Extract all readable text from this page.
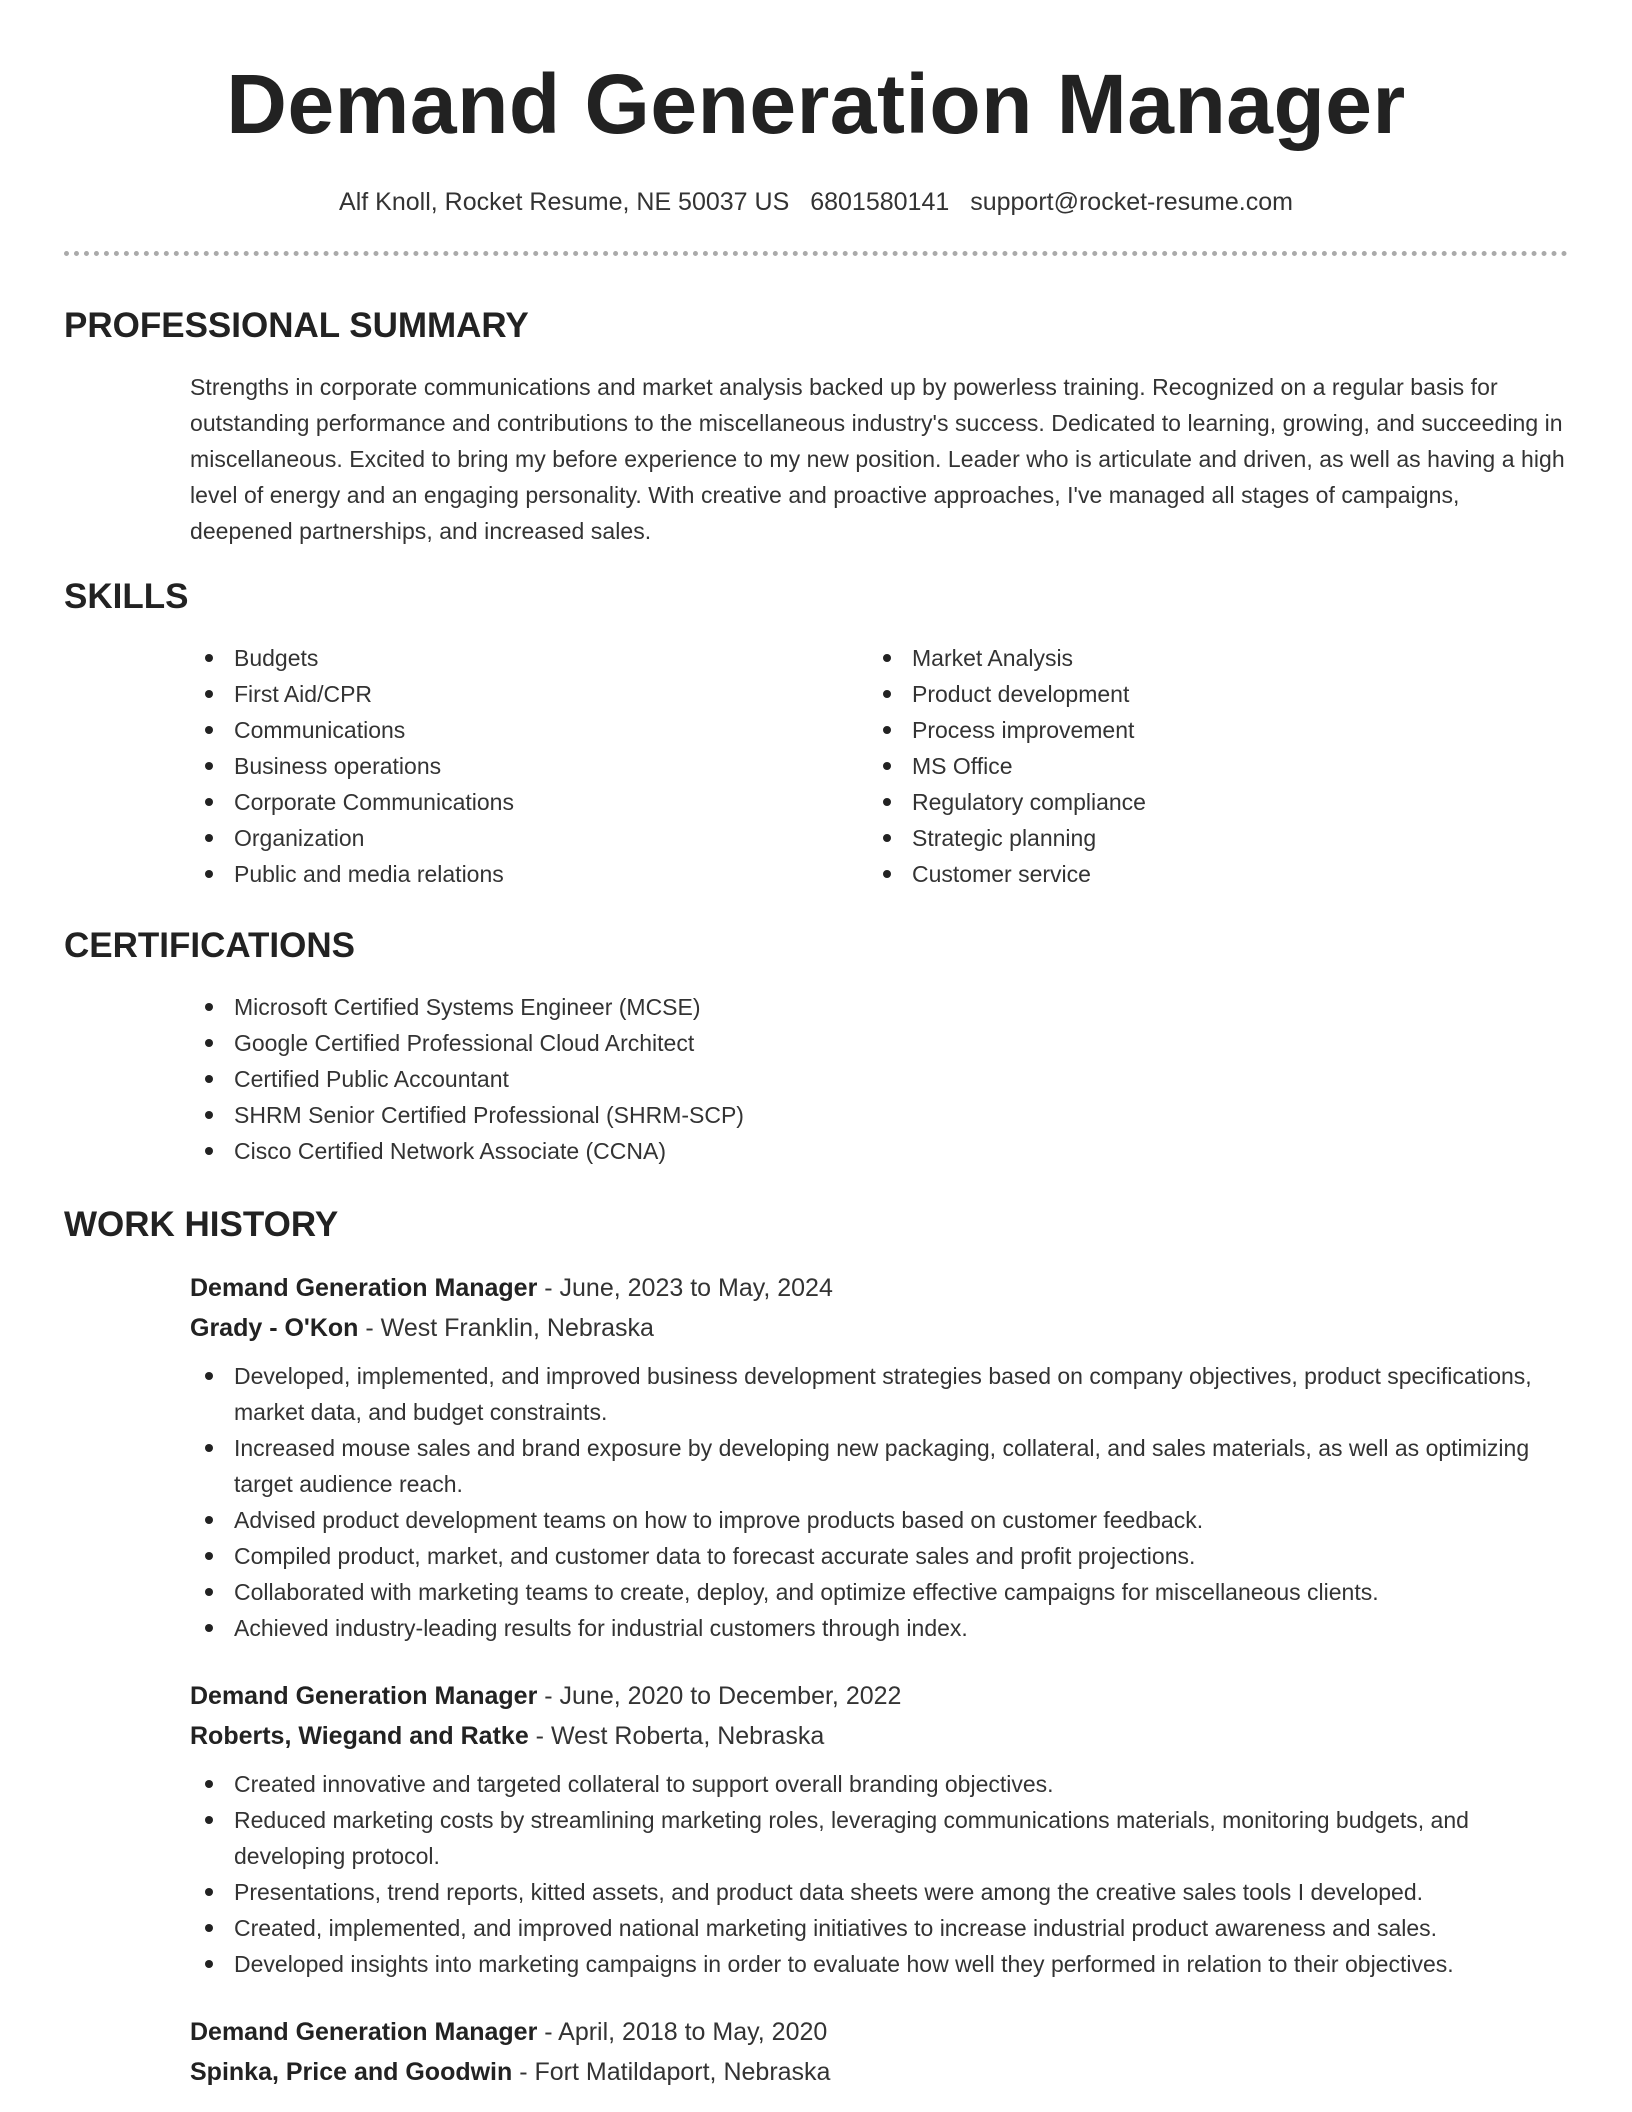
Demand Generation Manager
Alf Knoll, Rocket Resume, NE 50037 US 6801580141 support@rocket-resume.com
PROFESSIONAL SUMMARY

Strengths in corporate communications and market analysis backed up by powerless training. Recognized on a regular basis for outstanding performance and contributions to the miscellaneous industry's success. Dedicated to learning, growing, and succeeding in miscellaneous. Excited to bring my before experience to my new position. Leader who is articulate and driven, as well as having a high level of energy and an engaging personality. With creative and proactive approaches, I've managed all stages of campaigns, deepened partnerships, and increased sales.

SKILLS
Budgets
First Aid/CPR
Communications
Business operations
Corporate Communications
Organization
Public and media relations
Market Analysis
Product development
Process improvement
MS Office
Regulatory compliance
Strategic planning
Customer service
CERTIFICATIONS
Microsoft Certified Systems Engineer (MCSE)
Google Certified Professional Cloud Architect
Certified Public Accountant
SHRM Senior Certified Professional (SHRM-SCP)
Cisco Certified Network Associate (CCNA)
WORK HISTORY
Demand Generation Manager - June, 2023 to May, 2024
Grady - O'Kon - West Franklin, Nebraska
Developed, implemented, and improved business development strategies based on company objectives, product specifications, market data, and budget constraints.
Increased mouse sales and brand exposure by developing new packaging, collateral, and sales materials, as well as optimizing target audience reach.
Advised product development teams on how to improve products based on customer feedback.
Compiled product, market, and customer data to forecast accurate sales and profit projections.
Collaborated with marketing teams to create, deploy, and optimize effective campaigns for miscellaneous clients.
Achieved industry-leading results for industrial customers through index.
Demand Generation Manager - June, 2020 to December, 2022
Roberts, Wiegand and Ratke - West Roberta, Nebraska
Created innovative and targeted collateral to support overall branding objectives.
Reduced marketing costs by streamlining marketing roles, leveraging communications materials, monitoring budgets, and developing protocol.
Presentations, trend reports, kitted assets, and product data sheets were among the creative sales tools I developed.
Created, implemented, and improved national marketing initiatives to increase industrial product awareness and sales.
Developed insights into marketing campaigns in order to evaluate how well they performed in relation to their objectives.
Demand Generation Manager - April, 2018 to May, 2020
Spinka, Price and Goodwin - Fort Matildaport, Nebraska
